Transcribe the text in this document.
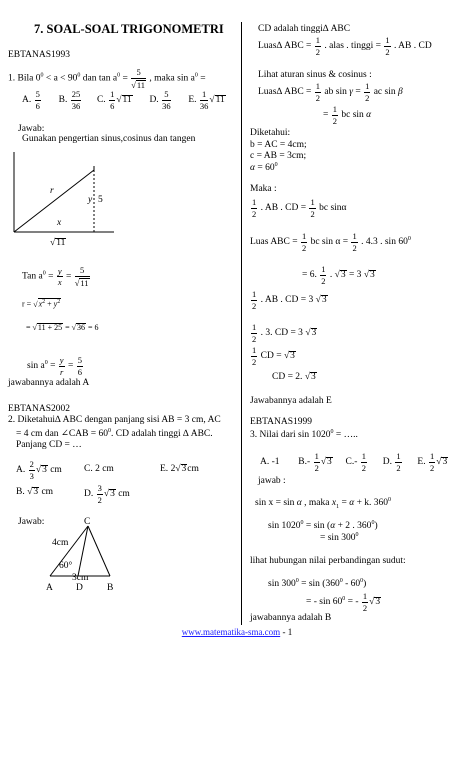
7. SOAL-SOAL TRIGONOMETRI
EBTANAS1993
1. Bila $0^0 < a < 90^0$ dan $\tan a^0 = \frac{5}{√11}$ , maka $\sin a^0$ =
A. $\frac{5}{6} B$. $\frac{25}{36} C$. $\frac{1}{6} √11$ D. $\frac{5}{36} E$. $\frac{1}{36} √11$
Jawab:
Gunakan pengertian sinus,cosinus dan tangen
r
y 5
x
√11
Tan $a^0 = \frac{y}{x} = \frac{5}{√11}$
$r = √x^2 + y^2$
= √11 + 25 = √36 = 6
$\sin a^0 = \frac{y}{r} = \frac{5}{6}$
jawabannya adalah A
EBTANAS2002
2. Diketahui∆ ABC dengan panjang sisi AB = 3 cm, AC
= 4 cm dan ∠CAB = $60^0$. CD adalah tinggi ∆ ABC.
Panjang CD = …
A. $\frac{2}{3} √3$ cm C. 2 cm	E. 2√3cm
B. √3 cm	D. $\frac{3}{2} √3$ cm
Jawab:	C
4cm
60°
3cm
A D	B
CD adalah tinggi∆ ABC
Luas∆ ABC = $\frac{1}{2}$ . alas . tinggi = $\frac{1}{2}$ . AB . CD
Lihat aturan sinus & cosinus :
Luas∆ ABC = $\frac{1}{2}$ ab $\sin \gamma = \frac{1}{2}$ ac sin β
= $\frac{1}{2}$ bc sin α
Diketahui:
b = AC = 4cm;
c = AB = 3cm;
$\alpha = 60^0$
Maka :
$\frac{1}{2}$ . AB . CD = $\frac{1}{2}$ bc sinα
Luas ABC = $\frac{1}{2}$ bc $\sin \alpha = \frac{1}{2}$ . 4.3 . $\sin 60^0$
= 6. $\frac{1}{2}$ . √3 = 3 √3
$\frac{1}{2}$ . AB . CD = 3 √3
$\frac{1}{2}$ . 3. CD = 3 √3
$\frac{1}{2}$ CD = √3
CD = 2. √3
Jawabannya adalah E
EBTANAS1999
3. Nilai dari $\sin 1020^0$ = …..
A. -1 $B.- \frac{1}{2} √3$ $C.- \frac{1}{2} D$. $\frac{1}{2} E$. $\frac{1}{2} √3$
jawab :
sin x = sin α , maka $x_1 = \alpha + k$. $360^0$
$\sin 1020^0 = \sin (\alpha + 2$ . $360^0$)
= $\sin 300^0$
lihat hubungan nilai perbandingan sudut:
$\sin 300^0 = \sin (360^0 - 60^0)$
= - $\sin 60^0$ = - $\frac{1}{2} √3$
jawabannya adalah B
www.matematika-sma.com - 1
